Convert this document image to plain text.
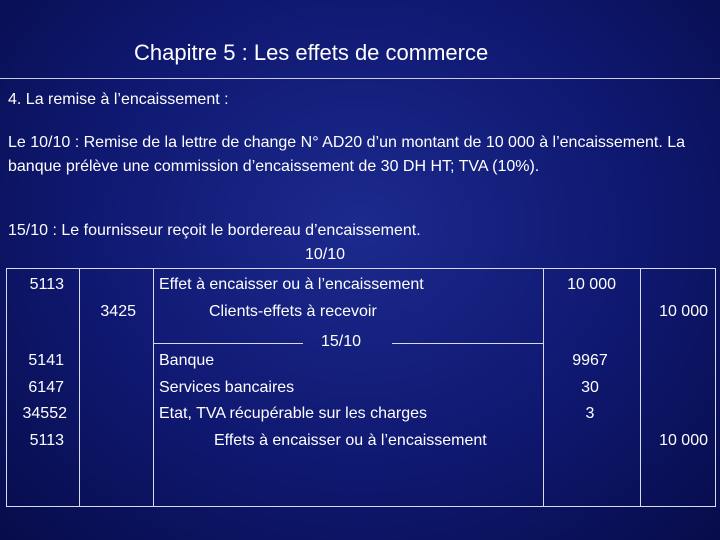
Chapitre 5 : Les effets de commerce
4. La remise à l’encaissement :
Le 10/10 : Remise de la lettre de change N° AD20 d’un montant de 10 000 à l’encaissement. La banque prélève une commission d’encaissement de 30 DH HT; TVA (10%).
15/10 : Le fournisseur reçoit le bordereau d’encaissement.
10/10
5113
3425
Effet à encaisser ou à l’encaissement
Clients-effets à recevoir
10 000
10 000
15/10
5141
6147
34552
5113
Banque
Services bancaires
Etat, TVA récupérable sur les charges
Effets à encaisser ou à l’encaissement
9967
30
3
10 000
